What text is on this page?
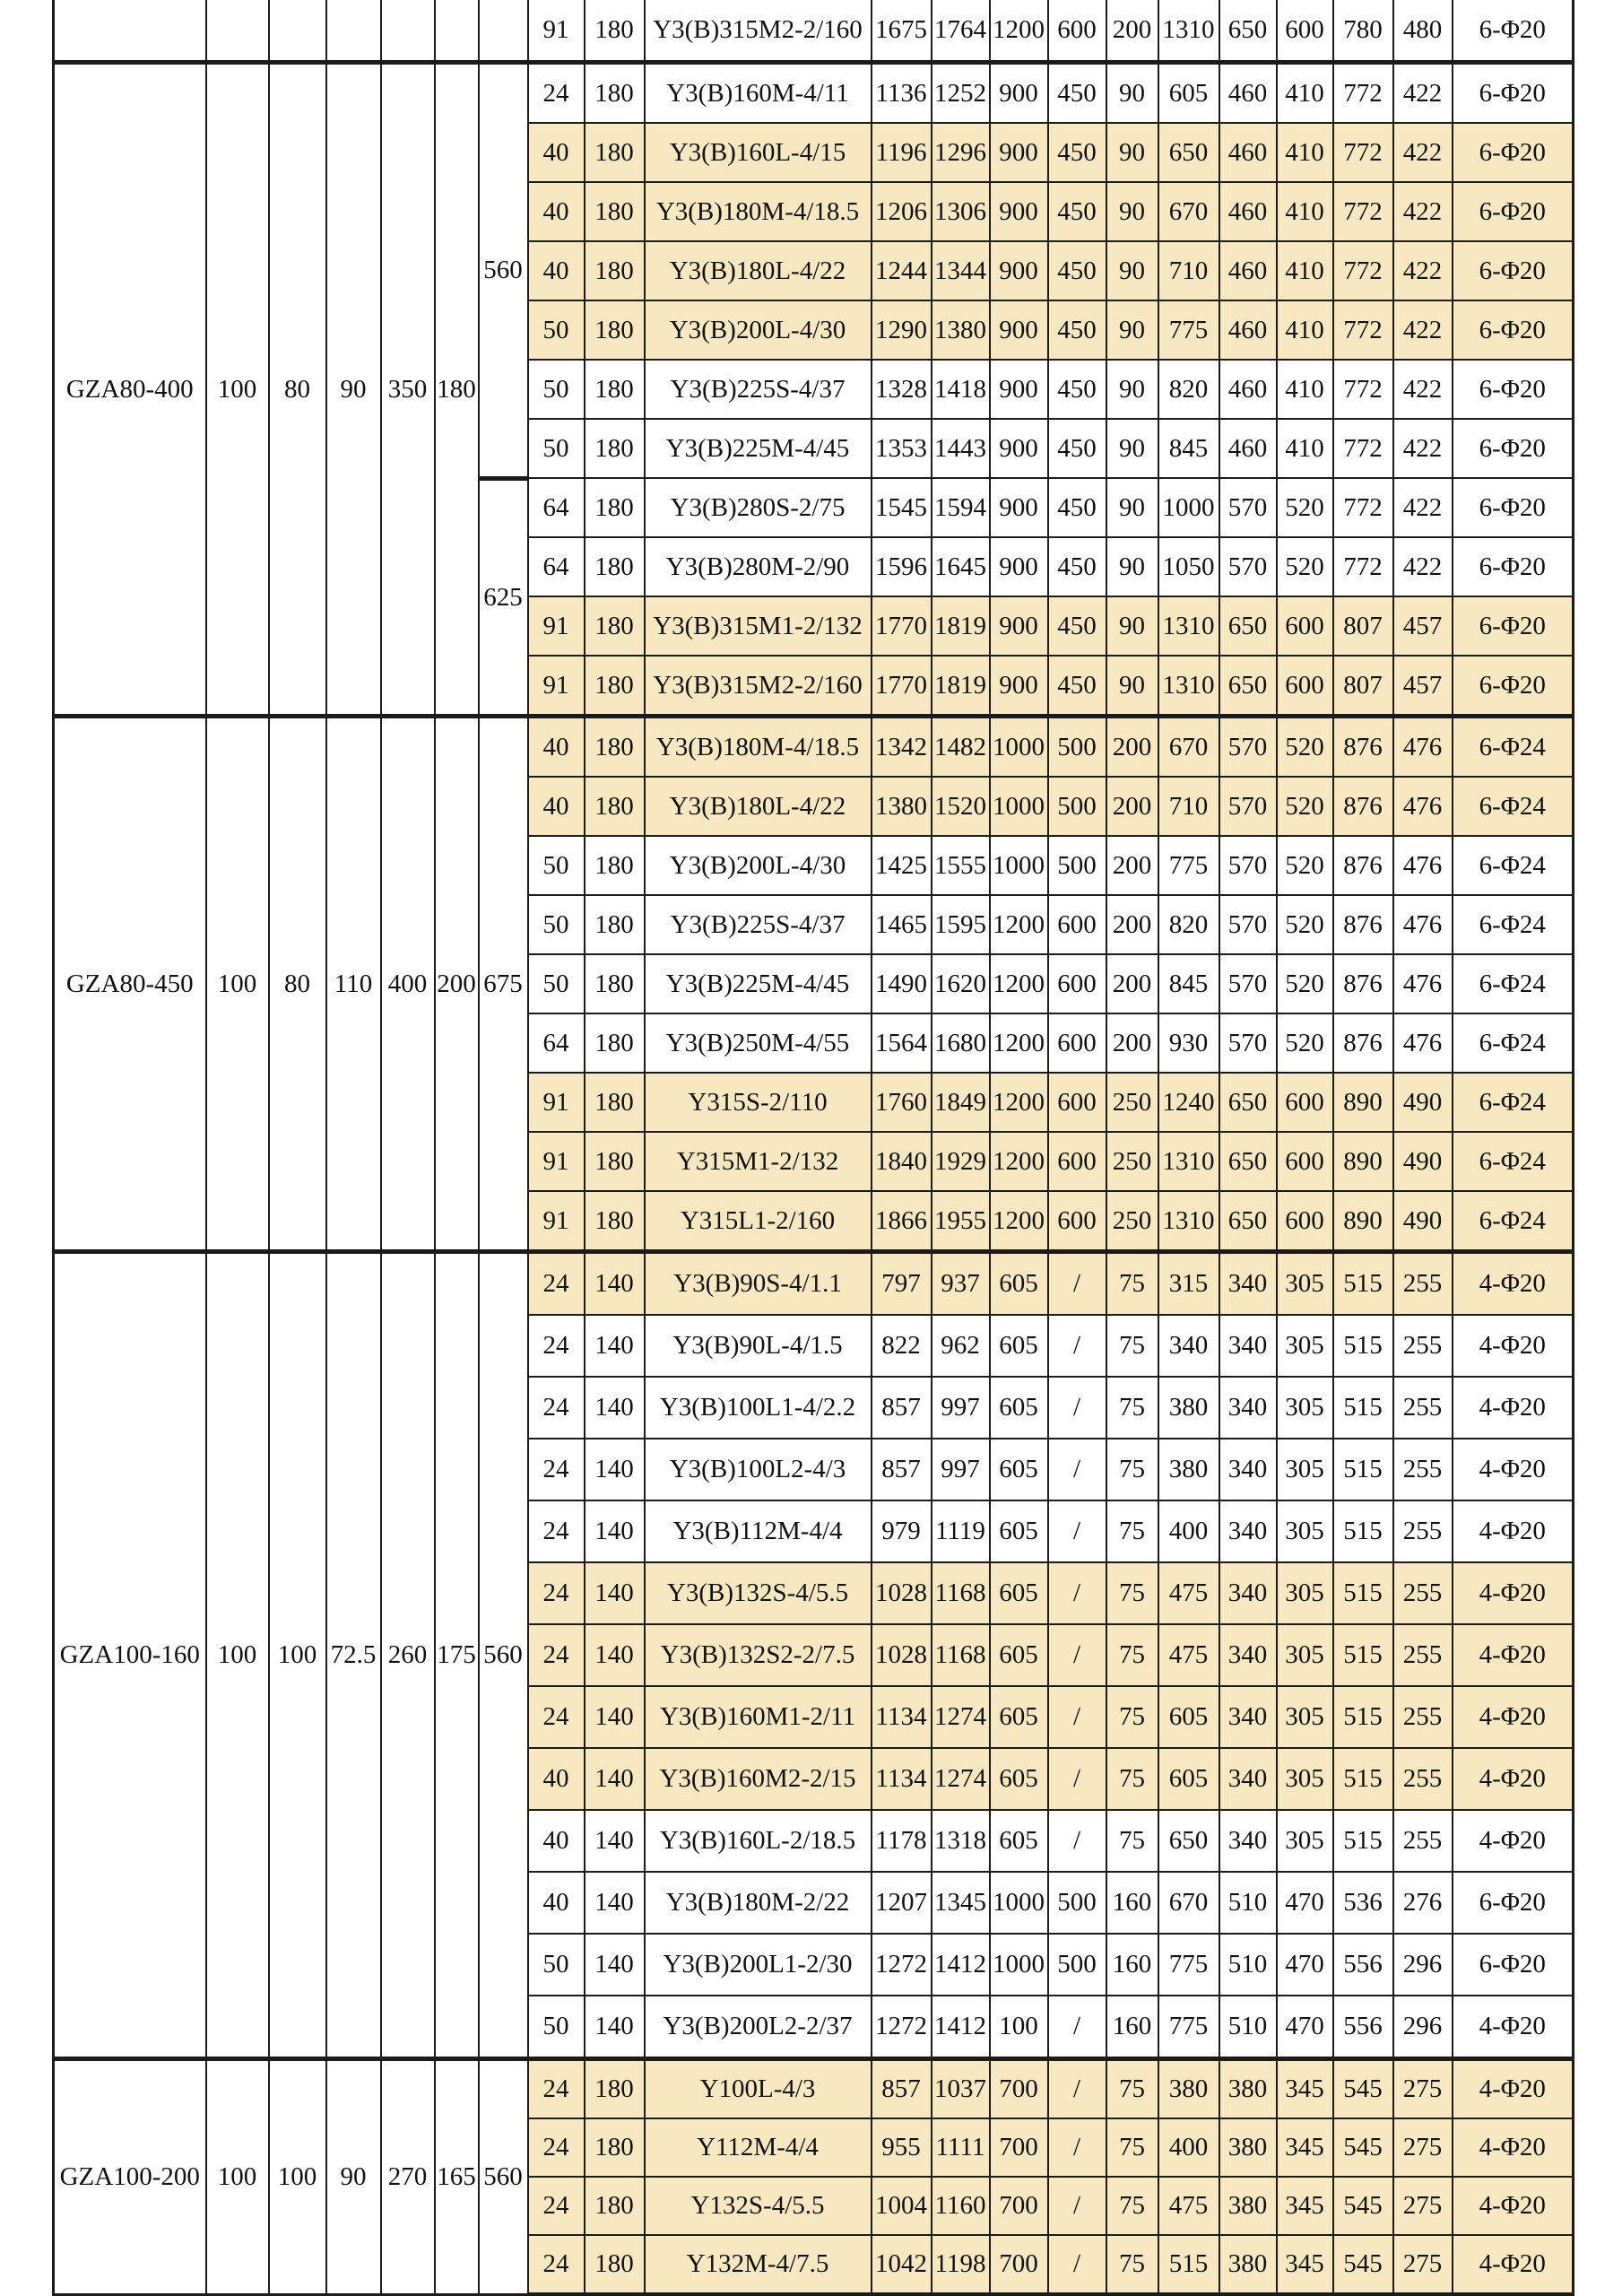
							91	180	Y3(B)315M2-2/160	1675	1764	1200	600	200	1310	650	600	780	480	6-Φ20
GZA80-400	100	80	90	350	180	560	24	180	Y3(B)160M-4/11	1136	1252	900	450	90	605	460	410	772	422	6-Φ20
							40	180	Y3(B)160L-4/15	1196	1296	900	450	90	650	460	410	772	422	6-Φ20
							40	180	Y3(B)180M-4/18.5	1206	1306	900	450	90	670	460	410	772	422	6-Φ20
							40	180	Y3(B)180L-4/22	1244	1344	900	450	90	710	460	410	772	422	6-Φ20
							50	180	Y3(B)200L-4/30	1290	1380	900	450	90	775	460	410	772	422	6-Φ20
							50	180	Y3(B)225S-4/37	1328	1418	900	450	90	820	460	410	772	422	6-Φ20
							50	180	Y3(B)225M-4/45	1353	1443	900	450	90	845	460	410	772	422	6-Φ20
						625	64	180	Y3(B)280S-2/75	1545	1594	900	450	90	1000	570	520	772	422	6-Φ20
							64	180	Y3(B)280M-2/90	1596	1645	900	450	90	1050	570	520	772	422	6-Φ20
							91	180	Y3(B)315M1-2/132	1770	1819	900	450	90	1310	650	600	807	457	6-Φ20
							91	180	Y3(B)315M2-2/160	1770	1819	900	450	90	1310	650	600	807	457	6-Φ20
GZA80-450	100	80	110	400	200	675	40	180	Y3(B)180M-4/18.5	1342	1482	1000	500	200	670	570	520	876	476	6-Φ24
							40	180	Y3(B)180L-4/22	1380	1520	1000	500	200	710	570	520	876	476	6-Φ24
							50	180	Y3(B)200L-4/30	1425	1555	1000	500	200	775	570	520	876	476	6-Φ24
							50	180	Y3(B)225S-4/37	1465	1595	1200	600	200	820	570	520	876	476	6-Φ24
							50	180	Y3(B)225M-4/45	1490	1620	1200	600	200	845	570	520	876	476	6-Φ24
							64	180	Y3(B)250M-4/55	1564	1680	1200	600	200	930	570	520	876	476	6-Φ24
							91	180	Y315S-2/110	1760	1849	1200	600	250	1240	650	600	890	490	6-Φ24
							91	180	Y315M1-2/132	1840	1929	1200	600	250	1310	650	600	890	490	6-Φ24
							91	180	Y315L1-2/160	1866	1955	1200	600	250	1310	650	600	890	490	6-Φ24
GZA100-160	100	100	72.5	260	175	560	24	140	Y3(B)90S-4/1.1	797	937	605	/	75	315	340	305	515	255	4-Φ20
							24	140	Y3(B)90L-4/1.5	822	962	605	/	75	340	340	305	515	255	4-Φ20
							24	140	Y3(B)100L1-4/2.2	857	997	605	/	75	380	340	305	515	255	4-Φ20
							24	140	Y3(B)100L2-4/3	857	997	605	/	75	380	340	305	515	255	4-Φ20
							24	140	Y3(B)112M-4/4	979	1119	605	/	75	400	340	305	515	255	4-Φ20
							24	140	Y3(B)132S-4/5.5	1028	1168	605	/	75	475	340	305	515	255	4-Φ20
							24	140	Y3(B)132S2-2/7.5	1028	1168	605	/	75	475	340	305	515	255	4-Φ20
							24	140	Y3(B)160M1-2/11	1134	1274	605	/	75	605	340	305	515	255	4-Φ20
							40	140	Y3(B)160M2-2/15	1134	1274	605	/	75	605	340	305	515	255	4-Φ20
							40	140	Y3(B)160L-2/18.5	1178	1318	605	/	75	650	340	305	515	255	4-Φ20
							40	140	Y3(B)180M-2/22	1207	1345	1000	500	160	670	510	470	536	276	6-Φ20
							50	140	Y3(B)200L1-2/30	1272	1412	1000	500	160	775	510	470	556	296	6-Φ20
							50	140	Y3(B)200L2-2/37	1272	1412	100	/	160	775	510	470	556	296	4-Φ20
GZA100-200	100	100	90	270	165	560	24	180	Y100L-4/3	857	1037	700	/	75	380	380	345	545	275	4-Φ20
							24	180	Y112M-4/4	955	1111	700	/	75	400	380	345	545	275	4-Φ20
							24	180	Y132S-4/5.5	1004	1160	700	/	75	475	380	345	545	275	4-Φ20
							24	180	Y132M-4/7.5	1042	1198	700	/	75	515	380	345	545	275	4-Φ20
